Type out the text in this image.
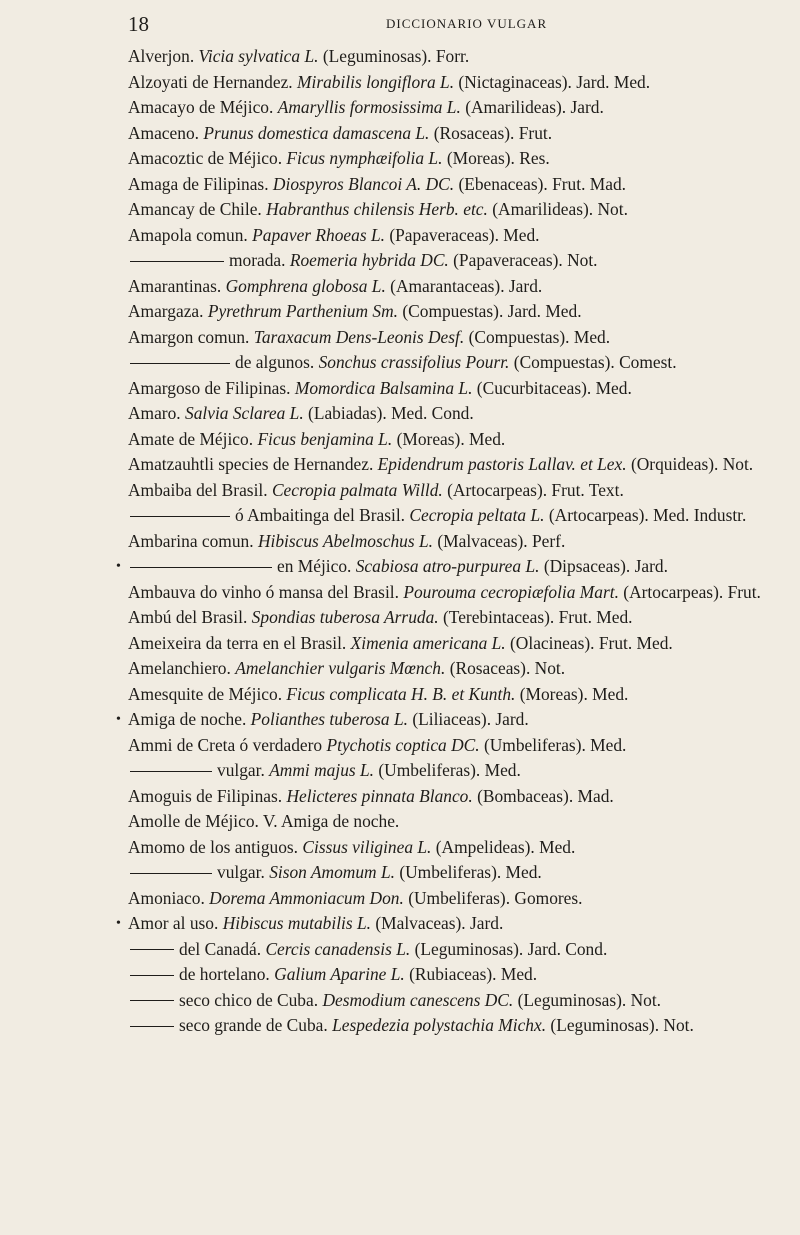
18	DICCIONARIO VULGAR
Alverjon. Vicia sylvatica L. (Leguminosas). Forr.
Alzoyati de Hernandez. Mirabilis longiflora L. (Nictaginaceas). Jard. Med.
Amacayo de Méjico. Amaryllis formosissima L. (Amarilideas). Jard.
Amaceno. Prunus domestica damascena L. (Rosaceas). Frut.
Amacoztic de Méjico. Ficus nymphæifolia L. (Moreas). Res.
Amaga de Filipinas. Diospyros Blancoi A. DC. (Ebenaceas). Frut. Mad.
Amancay de Chile. Habranthus chilensis Herb. etc. (Amarilideas). Not.
Amapola comun. Papaver Rhoeas L. (Papaveraceas). Med.
morada. Roemeria hybrida DC. (Papaveraceas). Not.
Amarantinas. Gomphrena globosa L. (Amarantaceas). Jard.
Amargaza. Pyrethrum Parthenium Sm. (Compuestas). Jard. Med.
Amargon comun. Taraxacum Dens-Leonis Desf. (Compuestas). Med.
de algunos. Sonchus crassifolius Pourr. (Compuestas). Comest.
Amargoso de Filipinas. Momordica Balsamina L. (Cucurbitaceas). Med.
Amaro. Salvia Sclarea L. (Labiadas). Med. Cond.
Amate de Méjico. Ficus benjamina L. (Moreas). Med.
Amatzauhtli species de Hernandez. Epidendrum pastoris Lallav. et Lex. (Orquideas). Not.
Ambaiba del Brasil. Cecropia palmata Willd. (Artocarpeas). Frut. Text.
ó Ambaitinga del Brasil. Cecropia peltata L. (Artocarpeas). Med. Industr.
Ambarina comun. Hibiscus Abelmoschus L. (Malvaceas). Perf.
•	en Méjico. Scabiosa atro-purpurea L. (Dipsaceas). Jard.
Ambauva do vinho ó mansa del Brasil. Pourouma cecropiæfolia Mart. (Artocarpeas). Frut.
Ambú del Brasil. Spondias tuberosa Arruda. (Terebintaceas). Frut. Med.
Ameixeira da terra en el Brasil. Ximenia americana L. (Olacineas). Frut. Med.
Amelanchiero. Amelanchier vulgaris Mœnch. (Rosaceas). Not.
Amesquite de Méjico. Ficus complicata H. B. et Kunth. (Moreas). Med.
• Amiga de noche. Polianthes tuberosa L. (Liliaceas). Jard.
Ammi de Creta ó verdadero Ptychotis coptica DC. (Umbeliferas). Med.
vulgar. Ammi majus L. (Umbeliferas). Med.
Amoguis de Filipinas. Helicteres pinnata Blanco. (Bombaceas). Mad.
Amolle de Méjico. V. Amiga de noche.
Amomo de los antiguos. Cissus viliginea L. (Ampelideas). Med.
vulgar. Sison Amomum L. (Umbeliferas). Med.
Amoniaco. Dorema Ammoniacum Don. (Umbeliferas). Gomores.
• Amor al uso. Hibiscus mutabilis L. (Malvaceas). Jard.
del Canadá. Cercis canadensis L. (Leguminosas). Jard. Cond.
de hortelano. Galium Aparine L. (Rubiaceas). Med.
seco chico de Cuba. Desmodium canescens DC. (Leguminosas). Not.
seco grande de Cuba. Lespedezia polystachia Michx. (Leguminosas). Not.
